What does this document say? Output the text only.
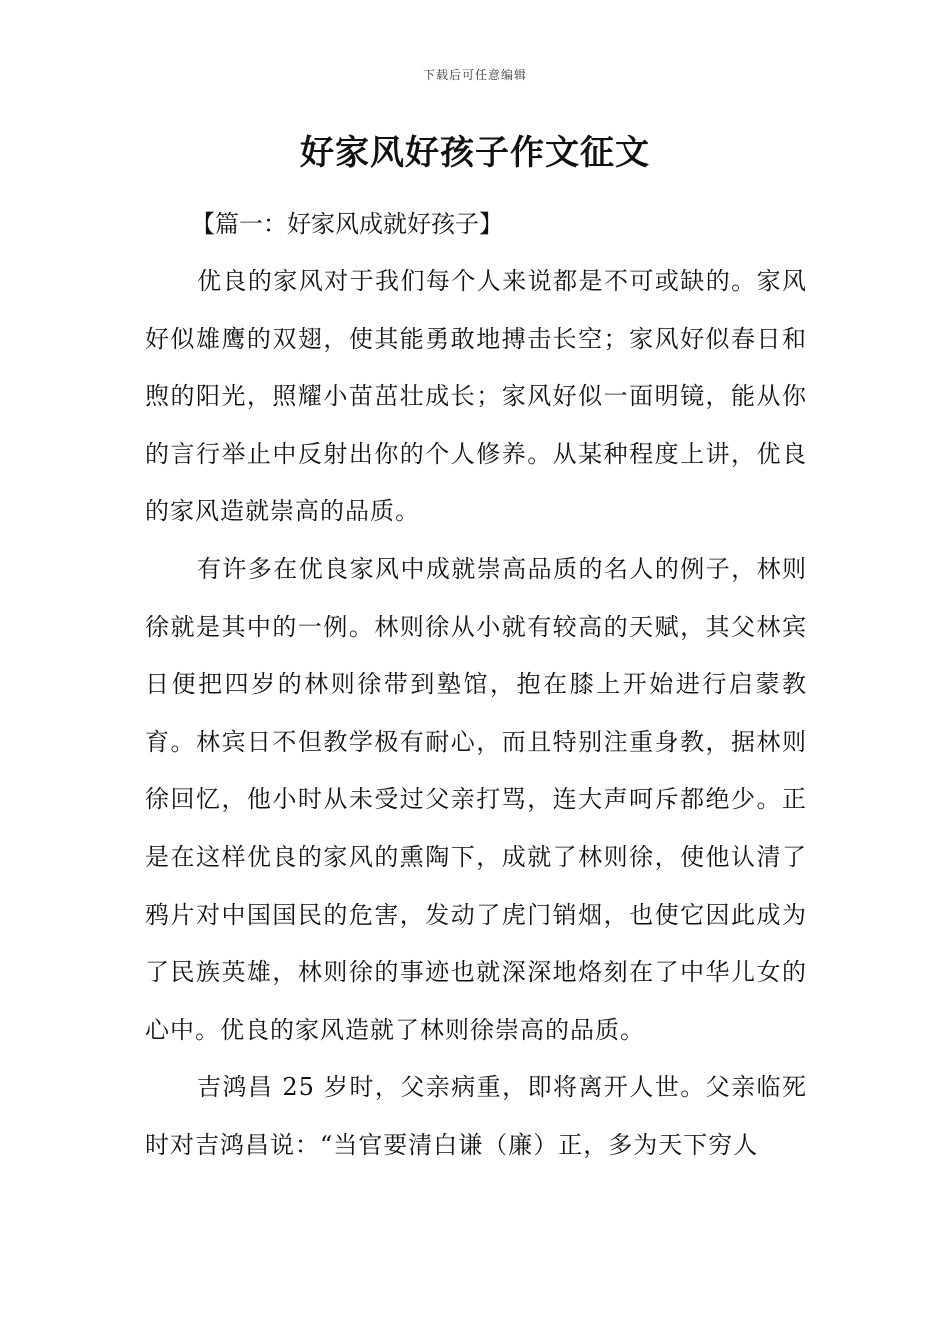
下载后可任意编辑
好家风好孩子作文征文
【篇一：好家风成就好孩子】

优良的家风对于我们每个人来说都是不可或缺的。家风好似雄鹰的双翅，使其能勇敢地搏击长空；家风好似春日和煦的阳光，照耀小苗茁壮成长；家风好似一面明镜，能从你的言行举止中反射出你的个人修养。从某种程度上讲，优良的家风造就崇高的品质。

有许多在优良家风中成就崇高品质的名人的例子，林则徐就是其中的一例。林则徐从小就有较高的天赋，其父林宾日便把四岁的林则徐带到塾馆，抱在膝上开始进行启蒙教育。林宾日不但教学极有耐心，而且特别注重身教，据林则徐回忆，他小时从未受过父亲打骂，连大声呵斥都绝少。正是在这样优良的家风的熏陶下，成就了林则徐，使他认清了鸦片对中国国民的危害，发动了虎门销烟，也使它因此成为了民族英雄，林则徐的事迹也就深深地烙刻在了中华儿女的心中。优良的家风造就了林则徐崇高的品质。

吉鸿昌 25 岁时，父亲病重，即将离开人世。父亲临死时对吉鸿昌说：“当官要清白谦（廉）正，多为天下穷人
